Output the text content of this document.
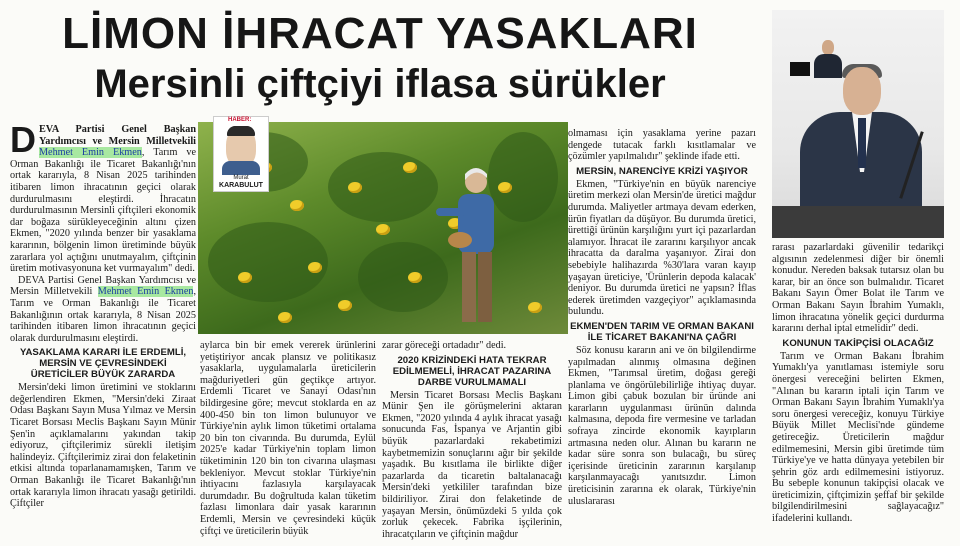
LİMON İHRACAT YASAKLARI
Mersinli çiftçiyi iflasa sürükler

DEVA Partisi Genel Başkan Yardımcısı ve Mersin Milletvekili Mehmet Emin Ekmen, Tarım ve Orman Bakanlığı ile Ticaret Bakanlığı'nın ortak kararıyla, 8 Nisan 2025 tarihinden itibaren limon ihracatının geçici olarak durdurulmasını eleştirdi. İhracatın durdurulmasının Mersinli çiftçileri ekonomik dar boğaza sürükleyeceğinin altını çizen Ekmen, "2020 yılında benzer bir yasaklama kararının, bölgenin limon üretiminde büyük zararlara yol açtığını unutmayalım, çiftçinin üretim motivasyonuna ket vurmayalım" dedi.

DEVA Partisi Genel Başkan Yardımcısı ve Mersin Milletvekili Mehmet Emin Ekmen, Tarım ve Orman Bakanlığı ile Ticaret Bakanlığının ortak kararıyla, 8 Nisan 2025 tarihinden itibaren limon ihracatının geçici olarak durdurulmasını eleştirdi.

YASAKLAMA KARARI İLE ERDEMLİ, MERSİN VE ÇEVRESİNDEKİ ÜRETİCİLER BÜYÜK ZARARDA

Mersin'deki limon üretimini ve stoklarını değerlendiren Ekmen, "Mersin'deki Ziraat Odası Başkanı Sayın Musa Yılmaz ve Mersin Ticaret Borsası Meclis Başkanı Sayın Münir Şen'in açıklamalarını yakından takip ediyoruz, çiftçilerimiz sürekli iletişim halindeyiz. Çiftçilerimiz zirai don felaketinin etkisi altında toparlanamamışken, Tarım ve Orman Bakanlığı ile Ticaret Bakanlığı'nın ortak kararıyla limon ihracatı yasağı getirildi. Çiftçiler

HABER:
Murat
KARABULUT

aylarca bin bir emek vererek ürünlerini yetiştiriyor ancak plansız ve politikasız yasaklarla, uygulamalarla üreticilerin mağduriyetleri gün geçtikçe artıyor. Erdemli Ticaret ve Sanayi Odası'nın bildirgesine göre; mevcut stoklarda en az 400-450 bin ton limon bulunuyor ve Türkiye'nin aylık limon tüketimi ortalama 20 bin ton civarında. Bu durumda, Eylül 2025'e kadar Türkiye'nin toplam limon tüketiminin 120 bin ton civarına ulaşması bekleniyor. Mevcut stoklar Türkiye'nin ihtiyacını fazlasıyla karşılayacak durumdadır. Bu doğrultuda kalan tüketim fazlası limonlara dair yasak kararının Erdemli, Mersin ve çevresindeki küçük çiftçi ve üreticilerin büyük

zarar göreceği ortadadır" dedi.

2020 KRİZİNDEKİ HATA TEKRAR EDİLMEMELİ, İHRACAT PAZARINA DARBE VURULMAMALI

Mersin Ticaret Borsası Meclis Başkanı Münir Şen ile görüşmelerini aktaran Ekmen, "2020 yılında 4 aylık ihracat yasağı sonucunda Fas, İspanya ve Arjantin gibi büyük pazarlardaki rekabetimizi kaybetmemizin sonuçlarını ağır bir şekilde yaşadık. Bu kısıtlama ile birlikte diğer pazarlarda da ticaretin baltalanacağı Mersin'deki yetkililer tarafından bize bildiriliyor. Zirai don felaketinde de yaşayan Mersin, önümüzdeki 5 yılda çok zorluk çekecek. Fabrika işçilerinin, ihracatçıların ve çiftçinin mağdur

olmaması için yasaklama yerine pazarı dengede tutacak farklı kısıtlamalar ve çözümler yapılmalıdır" şeklinde ifade etti.

MERSİN, NARENCİYE KRİZİ YAŞIYOR

Ekmen, "Türkiye'nin en büyük narenciye üretim merkezi olan Mersin'de üretici mağdur durumda. Maliyetler artmaya devam ederken, ürün fiyatları da düşüyor. Bu durumda üretici, ürettiği ürünün karşılığını yurt içi pazarlardan alamıyor. İhracat ile zararını karşılıyor ancak ihracatta da daralma yaşanıyor. Zirai don sebebiyle halihazırda %30'lara varan kayıp yaşayan üreticiye, 'Ürünlerin depoda kalacak' deniyor. Bu durumda üretici ne yapsın? İflas ederek üretimden vazgeçiyor" açıklamasında bulundu.

EKMEN'DEN TARIM VE ORMAN BAKANI İLE TİCARET BAKANI'NA ÇAĞRI

Söz konusu kararın ani ve ön bilgilendirme yapılmadan alınmış olmasına değinen Ekmen, "Tarımsal üretim, doğası gereği planlama ve öngörülebilirliğe ihtiyaç duyar. Limon gibi çabuk bozulan bir üründe ani kararların uygulanması ürünün dalında kalmasına, depoda fire vermesine ve tarladan sofraya zincirde ekonomik kayıpların artmasına neden olur. Alınan bu kararın ne kadar süre sonra son bulacağı, bu süreç içerisinde üreticinin zararının karşılanıp karşılanmayacağı yanıtsızdır. Limon üreticisinin zararına ek olarak, Türkiye'nin uluslararası

rarası pazarlardaki güvenilir tedarikçi algısının zedelenmesi diğer bir önemli konudur. Nereden baksak tutarsız olan bu karar, bir an önce son bulmalıdır. Ticaret Bakanı Sayın Ömer Bolat ile Tarım ve Orman Bakanı Sayın İbrahim Yumaklı, limon ihracatına yönelik geçici durdurma kararını derhal iptal etmelidir" dedi.

KONUNUN TAKİPÇİSİ OLACAĞIZ

Tarım ve Orman Bakanı İbrahim Yumaklı'ya yanıtlaması istemiyle soru önergesi vereceğini belirten Ekmen, "Alınan bu kararın iptali için Tarım ve Orman Bakanı Sayın İbrahim Yumaklı'ya soru önergesi vereceğiz, konuyu Türkiye Büyük Millet Meclisi'nde gündeme getireceğiz. Üreticilerin mağdur edilmemesini, Mersin gibi üretimde tüm Türkiye'ye ve hatta dünyaya yetebilen bir şehrin göz ardı edilmemesini istiyoruz. Bu sebeple konunun takipçisi olacak ve üreticimizin, çiftçimizin şeffaf bir şekilde bilgilendirilmesini sağlayacağız" ifadelerini kullandı.
